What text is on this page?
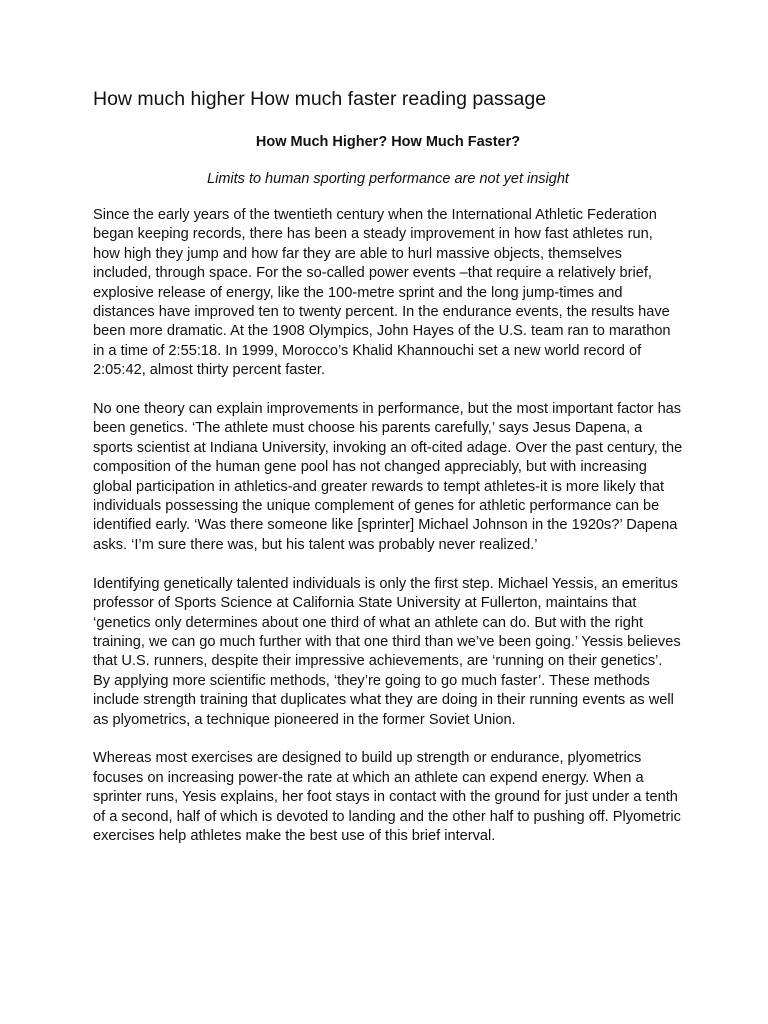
How much higher How much faster reading passage

How Much Higher? How Much Faster?

Limits to human sporting performance are not yet insight

Since the early years of the twentieth century when the International Athletic Federation began keeping records, there has been a steady improvement in how fast athletes run, how high they jump and how far they are able to hurl massive objects, themselves included, through space. For the so-called power events –that require a relatively brief, explosive release of energy, like the 100-metre sprint and the long jump-times and distances have improved ten to twenty percent. In the endurance events, the results have been more dramatic. At the 1908 Olympics, John Hayes of the U.S. team ran to marathon in a time of 2:55:18. In 1999, Morocco’s Khalid Khannouchi set a new world record of 2:05:42, almost thirty percent faster.

No one theory can explain improvements in performance, but the most important factor has been genetics. ‘The athlete must choose his parents carefully,’ says Jesus Dapena, a sports scientist at Indiana University, invoking an oft-cited adage. Over the past century, the composition of the human gene pool has not changed appreciably, but with increasing global participation in athletics-and greater rewards to tempt athletes-it is more likely that individuals possessing the unique complement of genes for athletic performance can be identified early. ‘Was there someone like [sprinter] Michael Johnson in the 1920s?’ Dapena asks. ‘I’m sure there was, but his talent was probably never realized.’

Identifying genetically talented individuals is only the first step. Michael Yessis, an emeritus professor of Sports Science at California State University at Fullerton, maintains that ‘genetics only determines about one third of what an athlete can do. But with the right training, we can go much further with that one third than we’ve been going.’ Yessis believes that U.S. runners, despite their impressive achievements, are ‘running on their genetics’. By applying more scientific methods, ‘they’re going to go much faster’. These methods include strength training that duplicates what they are doing in their running events as well as plyometrics, a technique pioneered in the former Soviet Union.

Whereas most exercises are designed to build up strength or endurance, plyometrics focuses on increasing power-the rate at which an athlete can expend energy. When a sprinter runs, Yesis explains, her foot stays in contact with the ground for just under a tenth of a second, half of which is devoted to landing and the other half to pushing off. Plyometric exercises help athletes make the best use of this brief interval.
